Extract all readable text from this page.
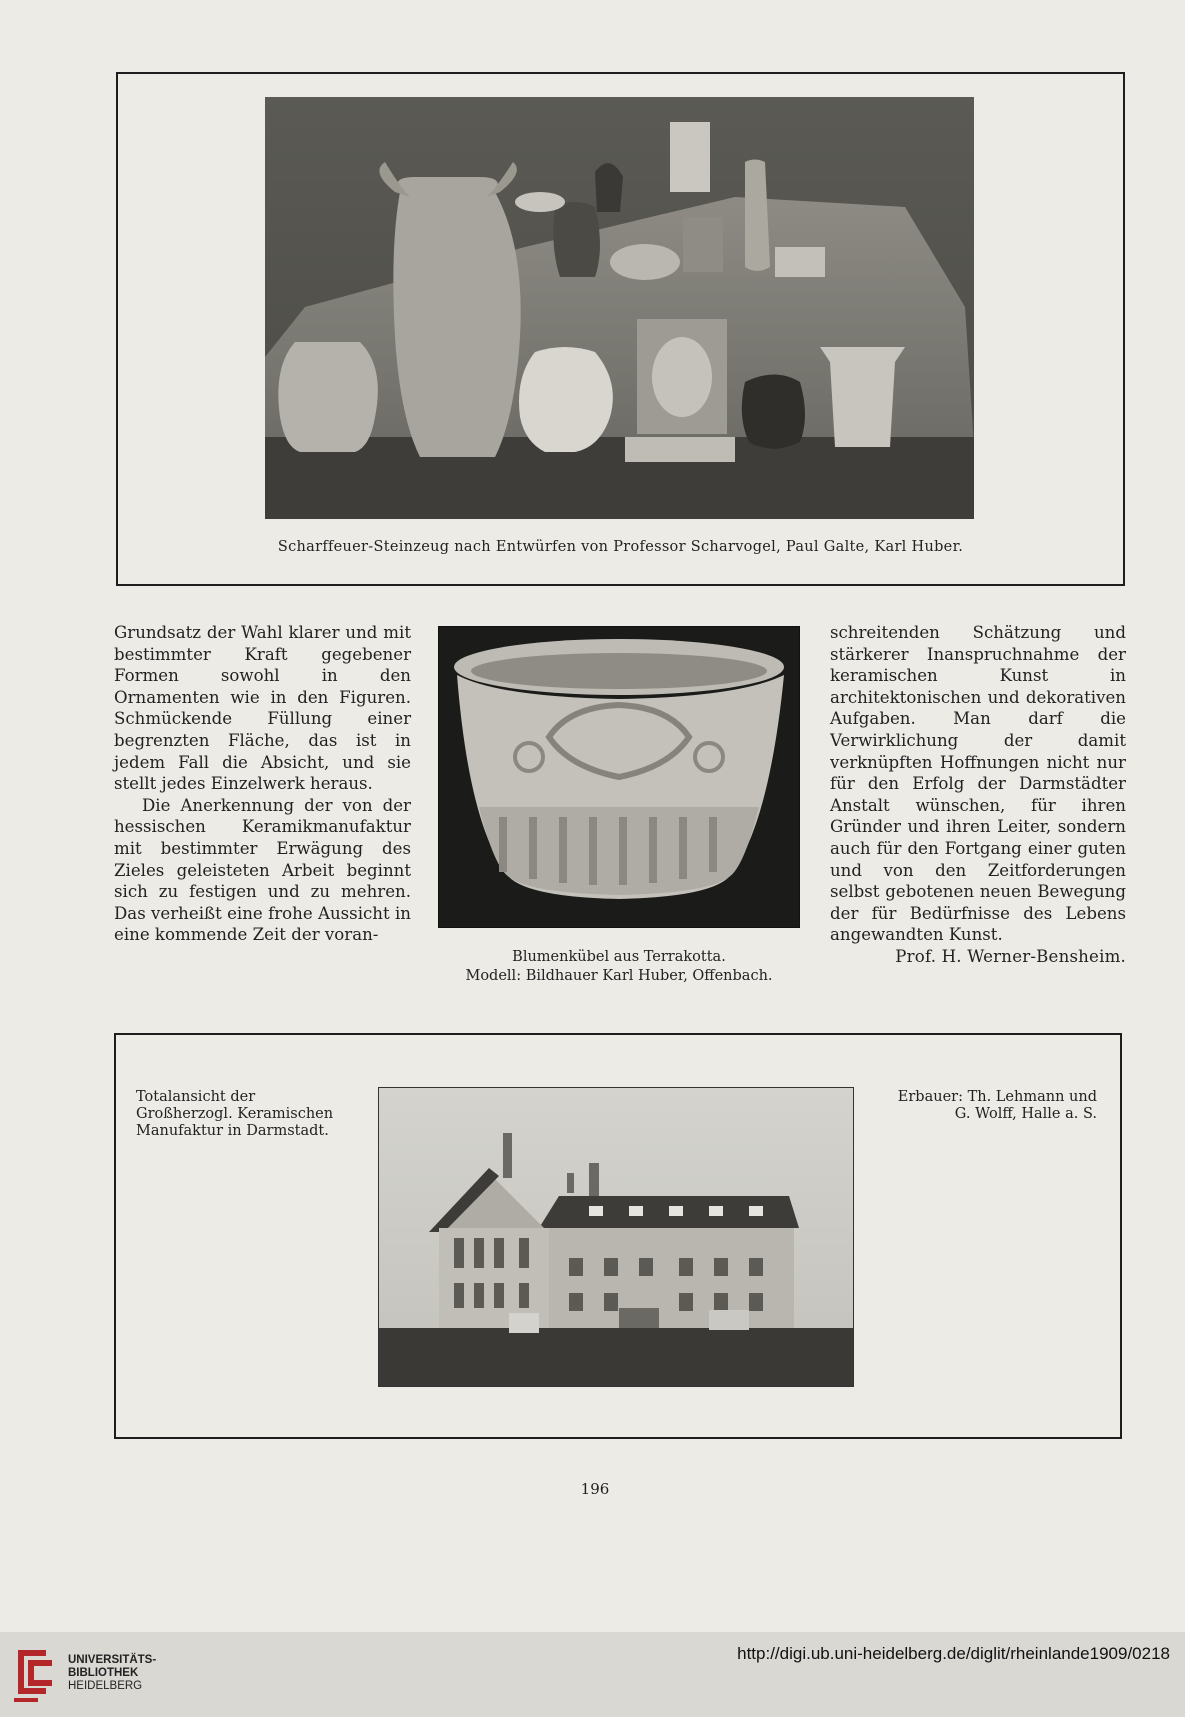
Scharffeuer-Steinzeug nach Entwürfen von Professor Scharvogel, Paul Galte, Karl Huber.

Grundsatz der Wahl klarer und mit bestimmter Kraft gegebener Formen sowohl in den Ornamenten wie in den Figuren. Schmückende Füllung einer begrenzten Fläche, das ist in jedem Fall die Absicht, und sie stellt jedes Einzelwerk heraus.

Die Anerkennung der von der hessischen Keramikmanufaktur mit bestimmter Erwägung des Zieles geleisteten Arbeit beginnt sich zu festigen und zu mehren. Das verheißt eine frohe Aussicht in eine kommende Zeit der voran-

Blumenkübel aus Terrakotta.
Modell: Bildhauer Karl Huber, Offenbach.

schreitenden Schätzung und stärkerer Inanspruchnahme der keramischen Kunst in architektonischen und dekorativen Aufgaben. Man darf die Verwirklichung der damit verknüpften Hoffnungen nicht nur für den Erfolg der Darmstädter Anstalt wünschen, für ihren Gründer und ihren Leiter, sondern auch für den Fortgang einer guten und von den Zeitforderungen selbst gebotenen neuen Bewegung der für Bedürfnisse des Lebens angewandten Kunst.

Prof. H. Werner-Bensheim.

Totalansicht der Großherzogl. Keramischen Manufaktur in Darmstadt.
Erbauer: Th. Lehmann und G. Wolff, Halle a. S.
196
UNIVERSITÄTS-
BIBLIOTHEK
HEIDELBERG
http://digi.ub.uni-heidelberg.de/diglit/rheinlande1909/0218
